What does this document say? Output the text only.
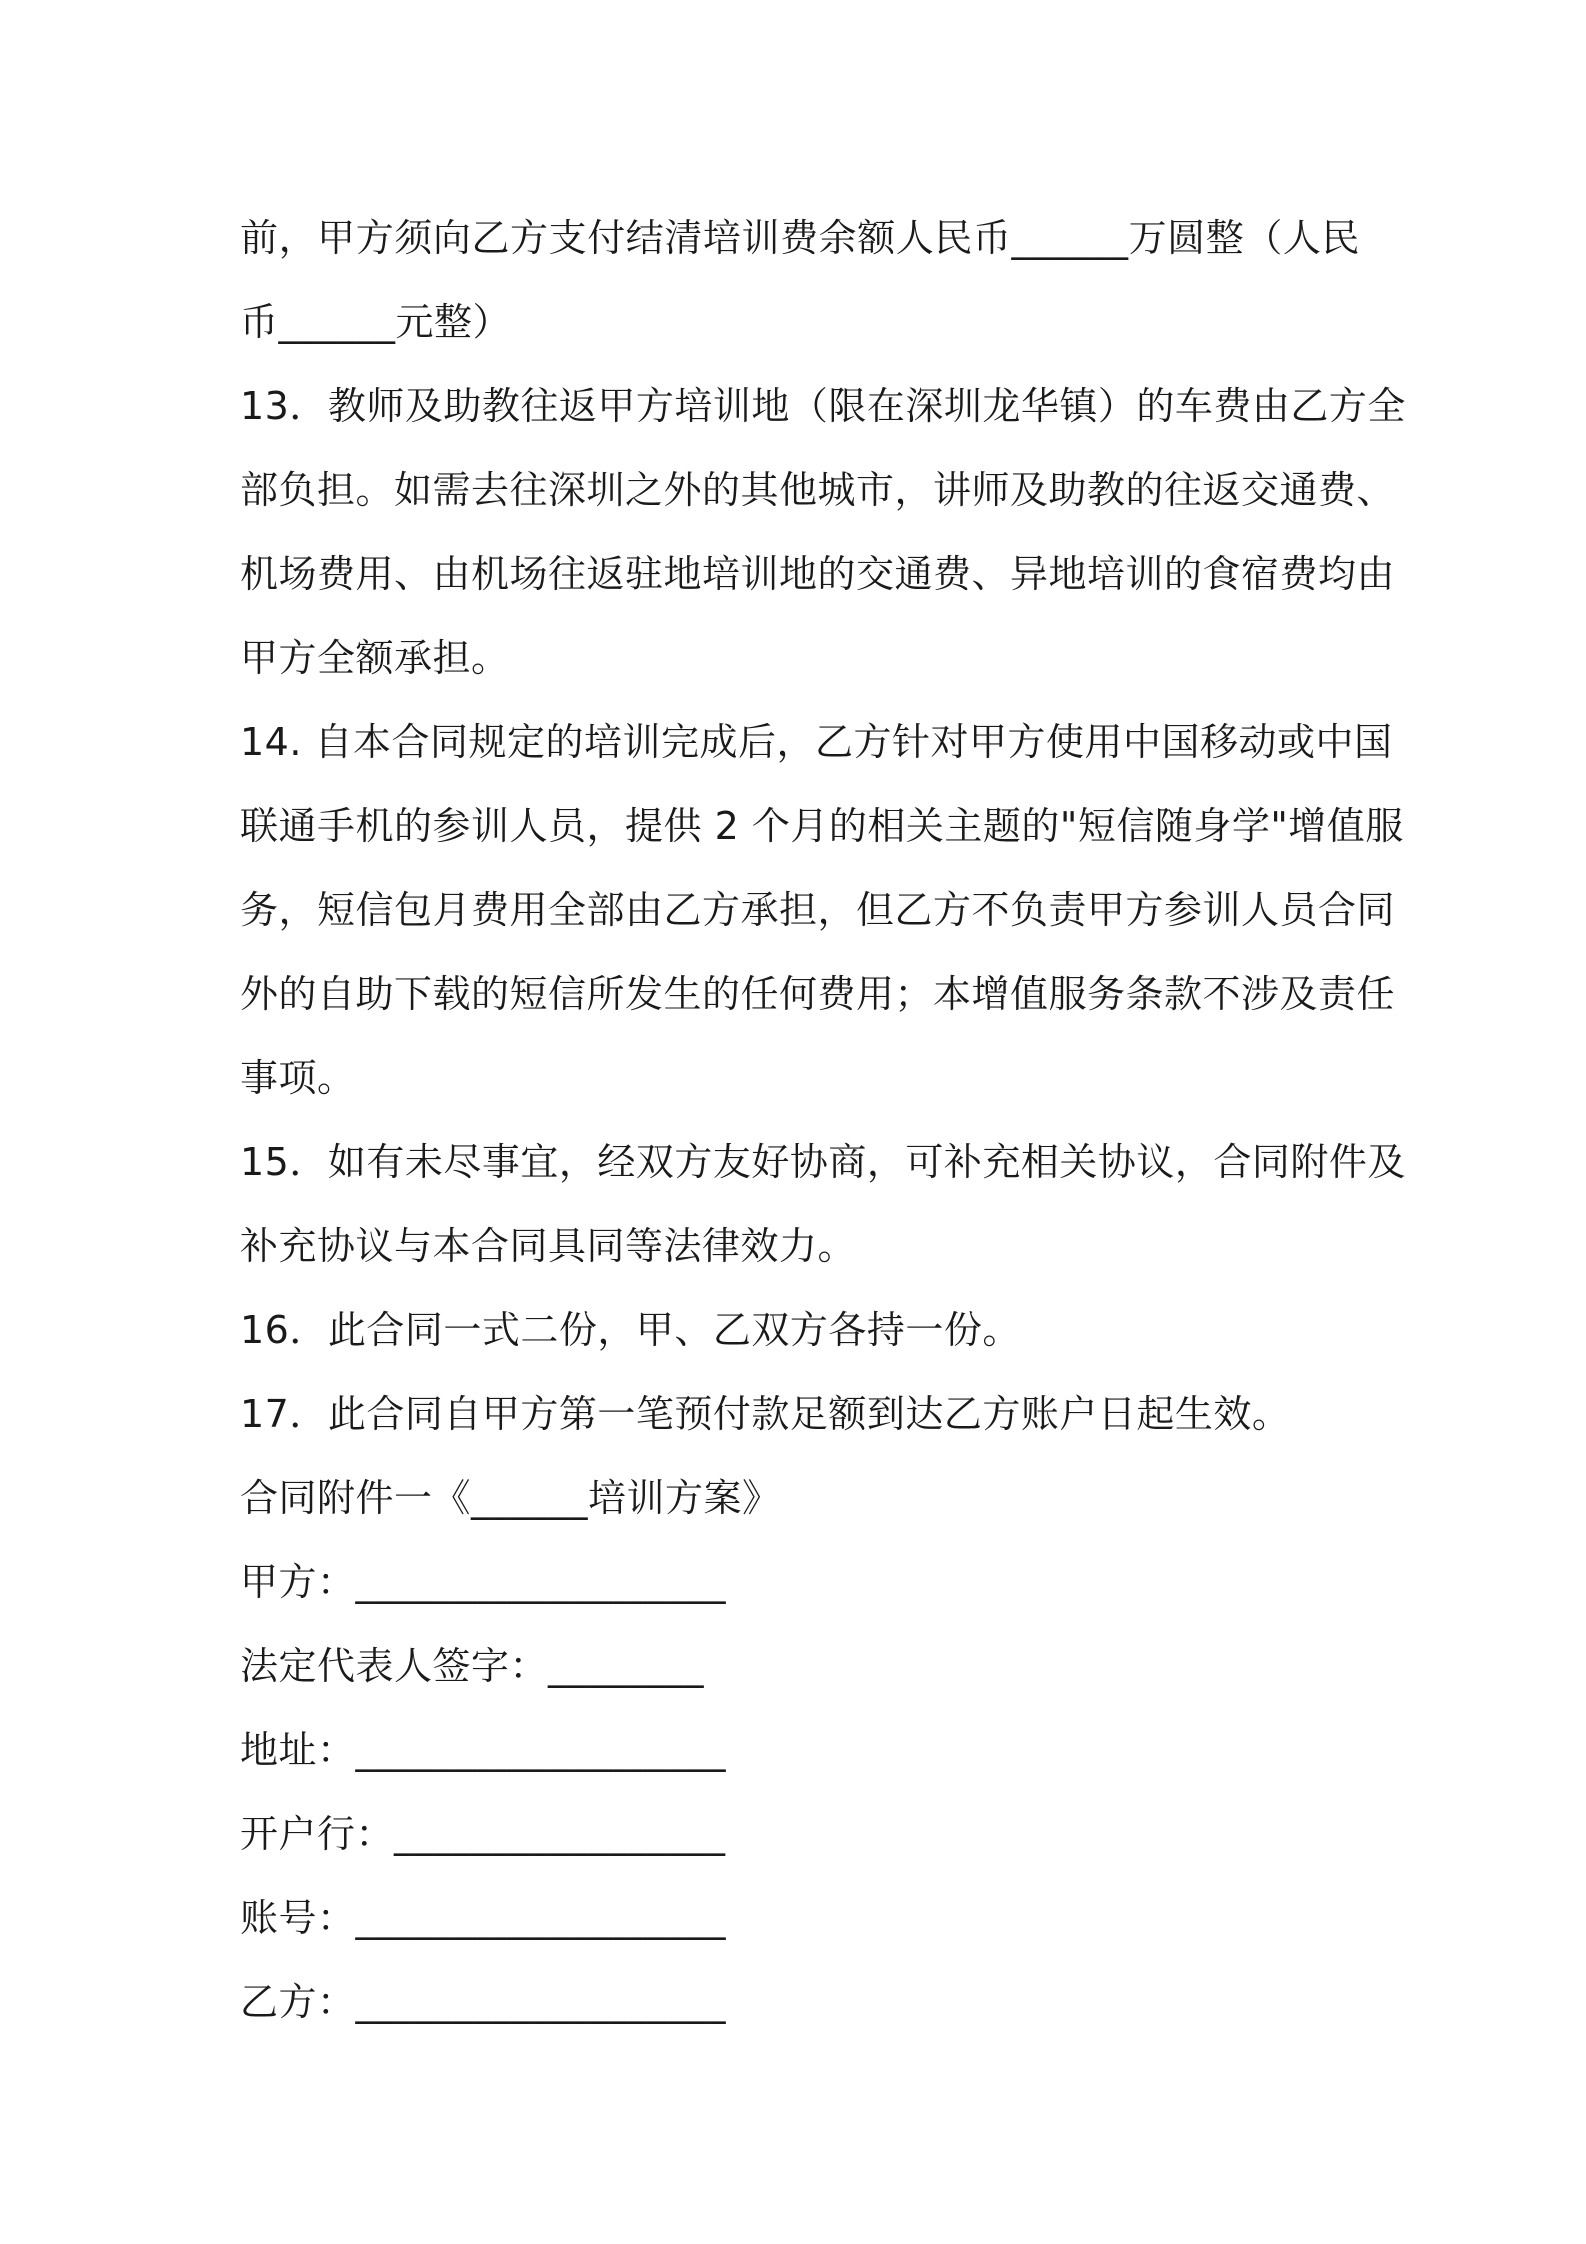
前，甲方须向乙方支付结清培训费余额人民币______万圆整（人民
币______元整）
13．教师及助教往返甲方培训地（限在深圳龙华镇）的车费由乙方全
部负担。如需去往深圳之外的其他城市，讲师及助教的往返交通费、
机场费用、由机场往返驻地培训地的交通费、异地培训的食宿费均由
甲方全额承担。
14. 自本合同规定的培训完成后，乙方针对甲方使用中国移动或中国
联通手机的参训人员，提供 2 个月的相关主题的"短信随身学"增值服
务，短信包月费用全部由乙方承担，但乙方不负责甲方参训人员合同
外的自助下载的短信所发生的任何费用；本增值服务条款不涉及责任
事项。
15．如有未尽事宜，经双方友好协商，可补充相关协议，合同附件及
补充协议与本合同具同等法律效力。
16．此合同一式二份，甲、乙双方各持一份。
17．此合同自甲方第一笔预付款足额到达乙方账户日起生效。
合同附件一《______培训方案》
甲方：___________________
法定代表人签字：________
地址：___________________
开户行：_________________
账号：___________________
乙方：___________________
